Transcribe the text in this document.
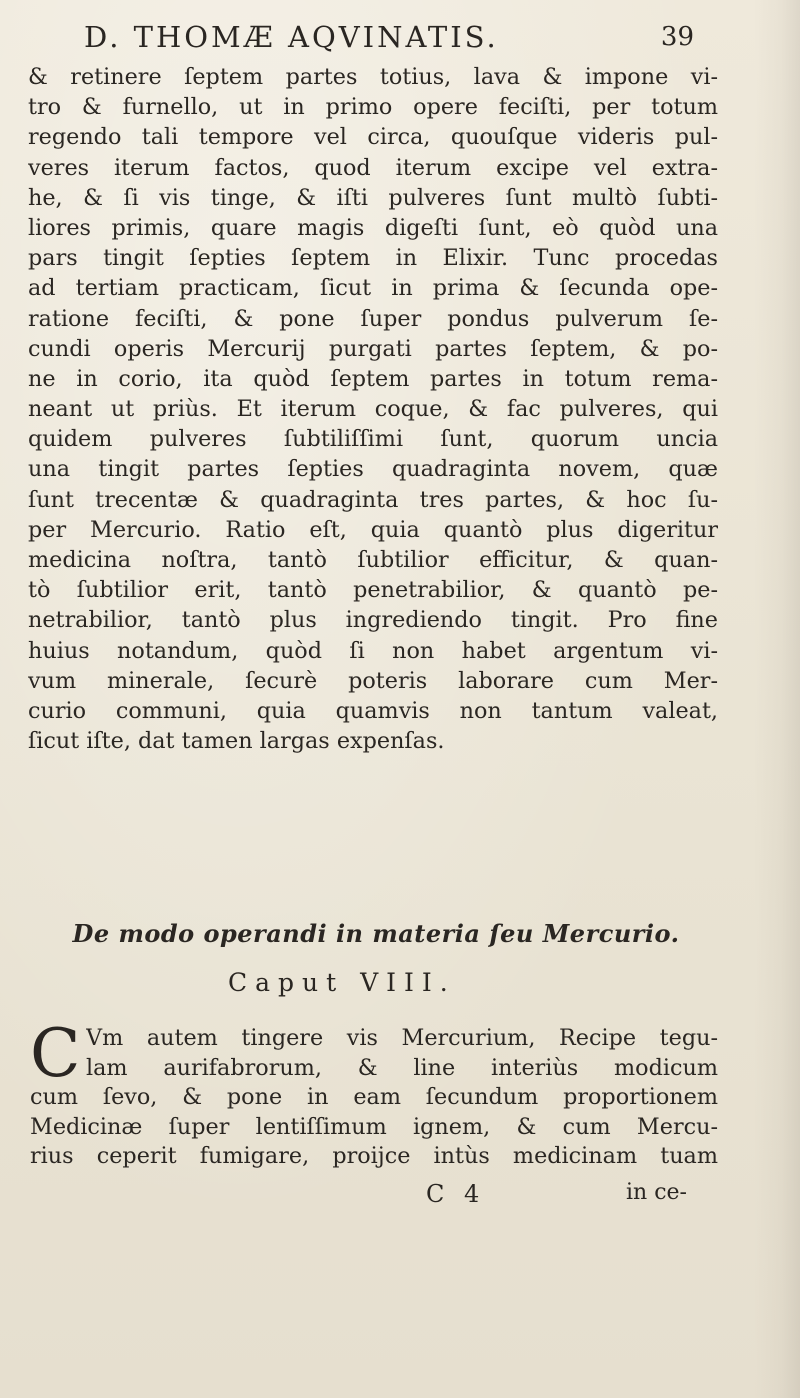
D. THOMÆ AQVINATIS.	39
& retinere ſeptem partes totius, lava & impone vi-
tro & furnello, ut in primo opere feciſti, per totum
regendo tali tempore vel circa, quouſque videris pul-
veres iterum factos, quod iterum excipe vel extra-
he, & ſi vis tinge, & iſti pulveres ſunt multò ſubti-
liores primis, quare magis digeſti ſunt, eò quòd una
pars tingit ſepties ſeptem in Elixir. Tunc procedas
ad tertiam practicam, ſicut in prima & ſecunda ope-
ratione feciſti, & pone ſuper pondus pulverum ſe-
cundi operis Mercurij purgati partes ſeptem, & po-
ne in corio, ita quòd ſeptem partes in totum rema-
neant ut priùs. Et iterum coque, & fac pulveres, qui
quidem pulveres ſubtiliſſimi ſunt, quorum uncia
una tingit partes ſepties quadraginta novem, quæ
ſunt trecentæ & quadraginta tres partes, & hoc ſu-
per Mercurio. Ratio eſt, quia quantò plus digeritur
medicina noſtra, tantò ſubtilior efficitur, & quan-
tò ſubtilior erit, tantò penetrabilior, & quantò pe-
netrabilior, tantò plus ingrediendo tingit. Pro fine
huius notandum, quòd ſi non habet argentum vi-
vum minerale, ſecurè poteris laborare cum Mer-
curio communi, quia quamvis non tantum valeat,
ſicut iſte, dat tamen largas expenſas.
De modo operandi in materia ſeu Mercurio.
Caput VIII.
C Vm autem tingere vis Mercurium, Recipe tegu-
lam aurifabrorum, & line interiùs modicum
cum ſevo, & pone in eam ſecundum proportionem
Medicinæ ſuper lentiſſimum ignem, & cum Mercu-
rius ceperit fumigare, proijce intùs medicinam tuam
C 4	in ce-
